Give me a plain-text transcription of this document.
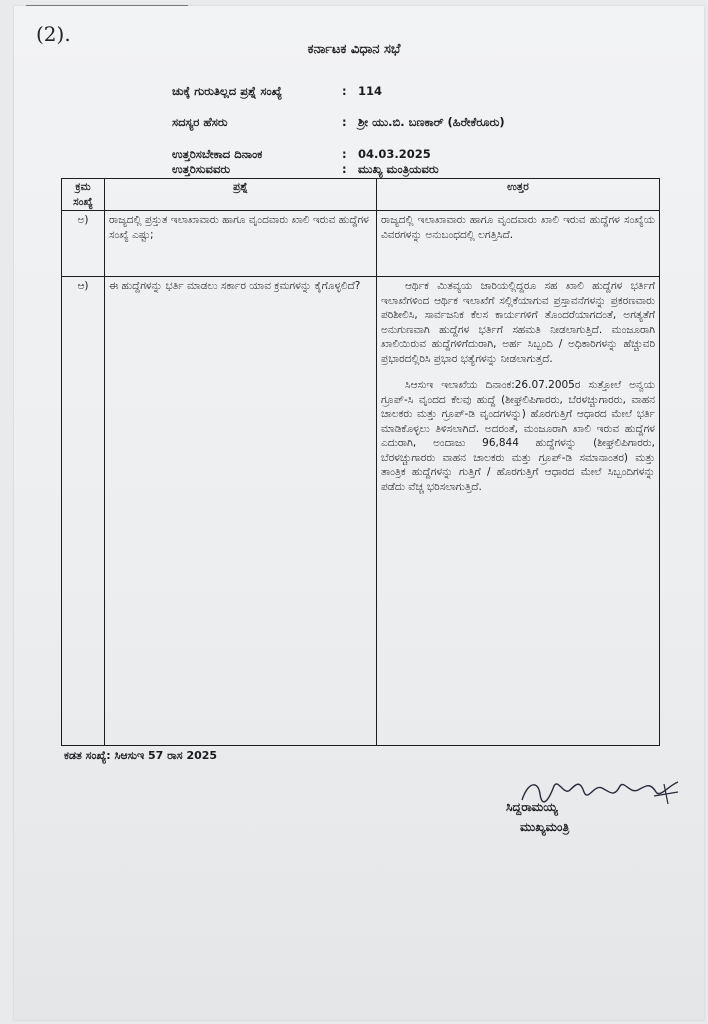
(2).
ಕರ್ನಾಟಕ ವಿಧಾನ ಸಭೆ
ಚುಕ್ಕೆ ಗುರುತಿಲ್ಲದ ಪ್ರಶ್ನೆ ಸಂಖ್ಯೆ	: 114
ಸದಸ್ಯರ ಹೆಸರು	: ಶ್ರೀ ಯು.ಬಿ. ಬಣಕಾರ್ (ಹಿರೇಕೆರೂರು)
ಉತ್ತರಿಸಬೇಕಾದ ದಿನಾಂಕ	: 04.03.2025
ಉತ್ತರಿಸುವವರು	: ಮುಖ್ಯ ಮಂತ್ರಿಯವರು
ಕ್ರಮ ಸಂಖ್ಯೆ	ಪ್ರಶ್ನೆ	ಉತ್ತರ
ಅ)	ರಾಜ್ಯದಲ್ಲಿ ಪ್ರಸ್ತುತ ಇಲಾಖಾವಾರು ಹಾಗೂ ವೃಂದವಾರು ಖಾಲಿ ಇರುವ ಹುದ್ದೆಗಳ ಸಂಖ್ಯೆ ಎಷ್ಟು;	ರಾಜ್ಯದಲ್ಲಿ ಇಲಾಖಾವಾರು ಹಾಗೂ ವೃಂದವಾರು ಖಾಲಿ ಇರುವ ಹುದ್ದೆಗಳ ಸಂಖ್ಯೆಯ ವಿವರಗಳನ್ನು ಅನುಬಂಧದಲ್ಲಿ ಲಗತ್ತಿಸಿದೆ.

ಆ)	ಈ ಹುದ್ದೆಗಳನ್ನು ಭರ್ತಿ ಮಾಡಲು ಸರ್ಕಾರ ಯಾವ ಕ್ರಮಗಳನ್ನು ಕೈಗೊಳ್ಳಲಿದೆ?	ಆರ್ಥಿಕ ಮಿತವ್ಯಯ ಜಾರಿಯಲ್ಲಿದ್ದರೂ ಸಹ ಖಾಲಿ ಹುದ್ದೆಗಳ ಭರ್ತಿಗೆ ಇಲಾಖೆಗಳಿಂದ ಆರ್ಥಿಕ ಇಲಾಖೆಗೆ ಸಲ್ಲಿಕೆಯಾಗುವ ಪ್ರಸ್ತಾವನೆಗಳನ್ನು ಪ್ರಕರಣವಾರು ಪರಿಶೀಲಿಸಿ, ಸಾರ್ವಜನಿಕ ಕೆಲಸ ಕಾರ್ಯಗಳಿಗೆ ತೊಂದರೆಯಾಗದಂತೆ, ಅಗತ್ಯತೆಗೆ ಅನುಗುಣವಾಗಿ ಹುದ್ದೆಗಳ ಭರ್ತಿಗೆ ಸಹಮತಿ ನೀಡಲಾಗುತ್ತಿದೆ. ಮಂಜೂರಾಗಿ ಖಾಲಿಯಿರುವ ಹುದ್ದೆಗಳಿಗೆದುರಾಗಿ, ಅರ್ಹ ಸಿಬ್ಬಂದಿ / ಅಧಿಕಾರಿಗಳನ್ನು ಹೆಚ್ಚುವರಿ ಪ್ರಭಾರದಲ್ಲಿರಿಸಿ ಪ್ರಭಾರ ಭತ್ಯೆಗಳನ್ನು ನೀಡಲಾಗುತ್ತದೆ.

ಸಿಆಸುಇ ಇಲಾಖೆಯ ದಿನಾಂಕ:26.07.2005ರ ಸುತ್ತೋಲೆ ಅನ್ವಯ ಗ್ರೂಪ್-ಸಿ ವೃಂದದ ಕೆಲವು ಹುದ್ದೆ (ಶೀಘ್ರಲಿಪಿಗಾರರು, ಬೆರಳಚ್ಚುಗಾರರು, ವಾಹನ ಚಾಲಕರು ಮತ್ತು ಗ್ರೂಪ್-ಡಿ ವೃಂದಗಳನ್ನು) ಹೊರಗುತ್ತಿಗೆ ಆಧಾರದ ಮೇಲೆ ಭರ್ತಿ ಮಾಡಿಕೊಳ್ಳಲು ತಿಳಿಸಲಾಗಿದೆ. ಅದರಂತೆ, ಮಂಜೂರಾಗಿ ಖಾಲಿ ಇರುವ ಹುದ್ದೆಗಳ ಎದುರಾಗಿ, ಅಂದಾಜು 96,844 ಹುದ್ದೆಗಳನ್ನು (ಶೀಘ್ರಲಿಪಿಗಾರರು, ಬೆರಳಚ್ಚುಗಾರರು ವಾಹನ ಚಾಲಕರು ಮತ್ತು ಗ್ರೂಪ್-ಡಿ ಸಮಾನಾಂತರ) ಮತ್ತು ತಾಂತ್ರಿಕ ಹುದ್ದೆಗಳನ್ನು ಗುತ್ತಿಗೆ / ಹೊರಗುತ್ತಿಗೆ ಆಧಾರದ ಮೇಲೆ ಸಿಬ್ಬಂದಿಗಳನ್ನು ಪಡೆದು ವೆಚ್ಚ ಭರಿಸಲಾಗುತ್ತಿದೆ.

ಕಡತ ಸಂಖ್ಯೆ: ಸಿಆಸುಇ 57 ರಾಸ 2025
ಸಿದ್ದರಾಮಯ್ಯ
ಮುಖ್ಯಮಂತ್ರಿ
